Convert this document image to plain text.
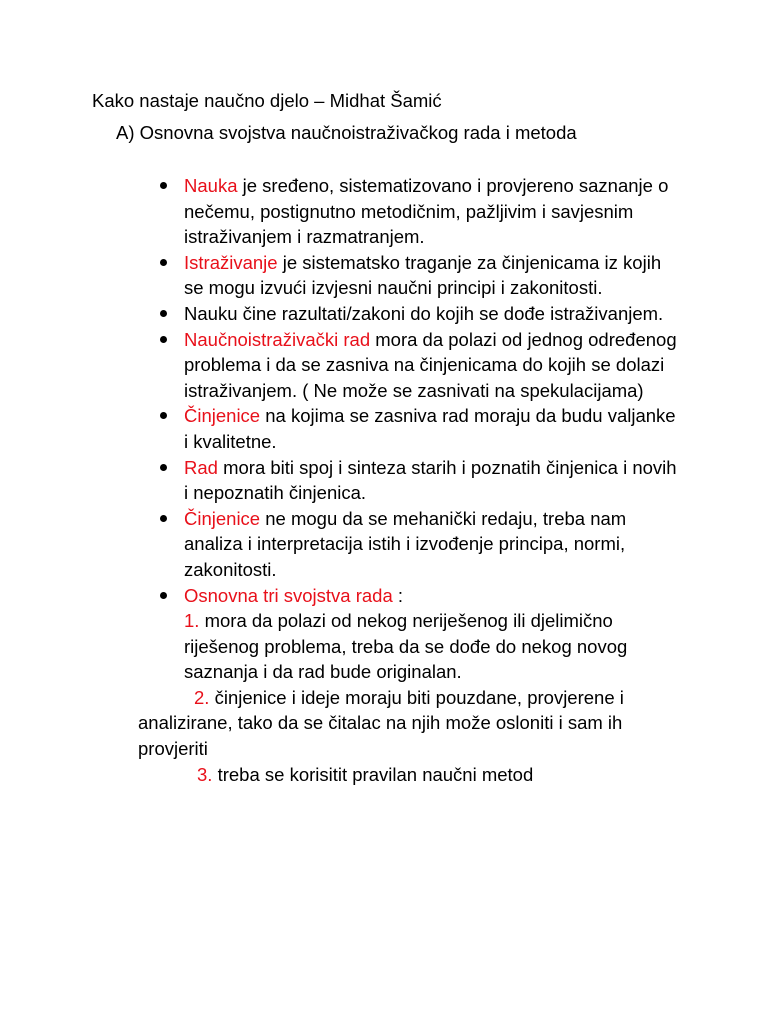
Kako nastaje naučno djelo – Midhat Šamić
A) Osnovna svojstva naučnoistraživačkog rada i metoda
Nauka je sređeno, sistematizovano i provjereno saznanje o nečemu, postignutno metodičnim, pažljivim i savjesnim istraživanjem i razmatranjem.
Istraživanje je sistematsko traganje za činjenicama iz kojih se mogu izvući izvjesni naučni principi i zakonitosti.
Nauku čine razultati/zakoni do kojih se dođe istraživanjem.
Naučnoistraživački rad mora da polazi od jednog određenog problema i da se zasniva na činjenicama do kojih se dolazi istraživanjem. ( Ne može se zasnivati na spekulacijama)
Činjenice na kojima se zasniva rad moraju da budu valjanke i kvalitetne.
Rad mora biti spoj i sinteza starih i poznatih činjenica i novih i nepoznatih činjenica.
Činjenice ne mogu da se mehanički redaju, treba nam analiza i interpretacija istih i izvođenje principa, normi, zakonitosti.
Osnovna tri svojstva rada :
1. mora da polazi od nekog neriješenog ili djelimično riješenog problema, treba da se dođe do nekog novog saznanja i da rad bude originalan.
2. činjenice i ideje moraju biti pouzdane, provjerene i analizirane, tako da se čitalac na njih može osloniti i sam ih provjeriti
3. treba se korisitit pravilan naučni metod
